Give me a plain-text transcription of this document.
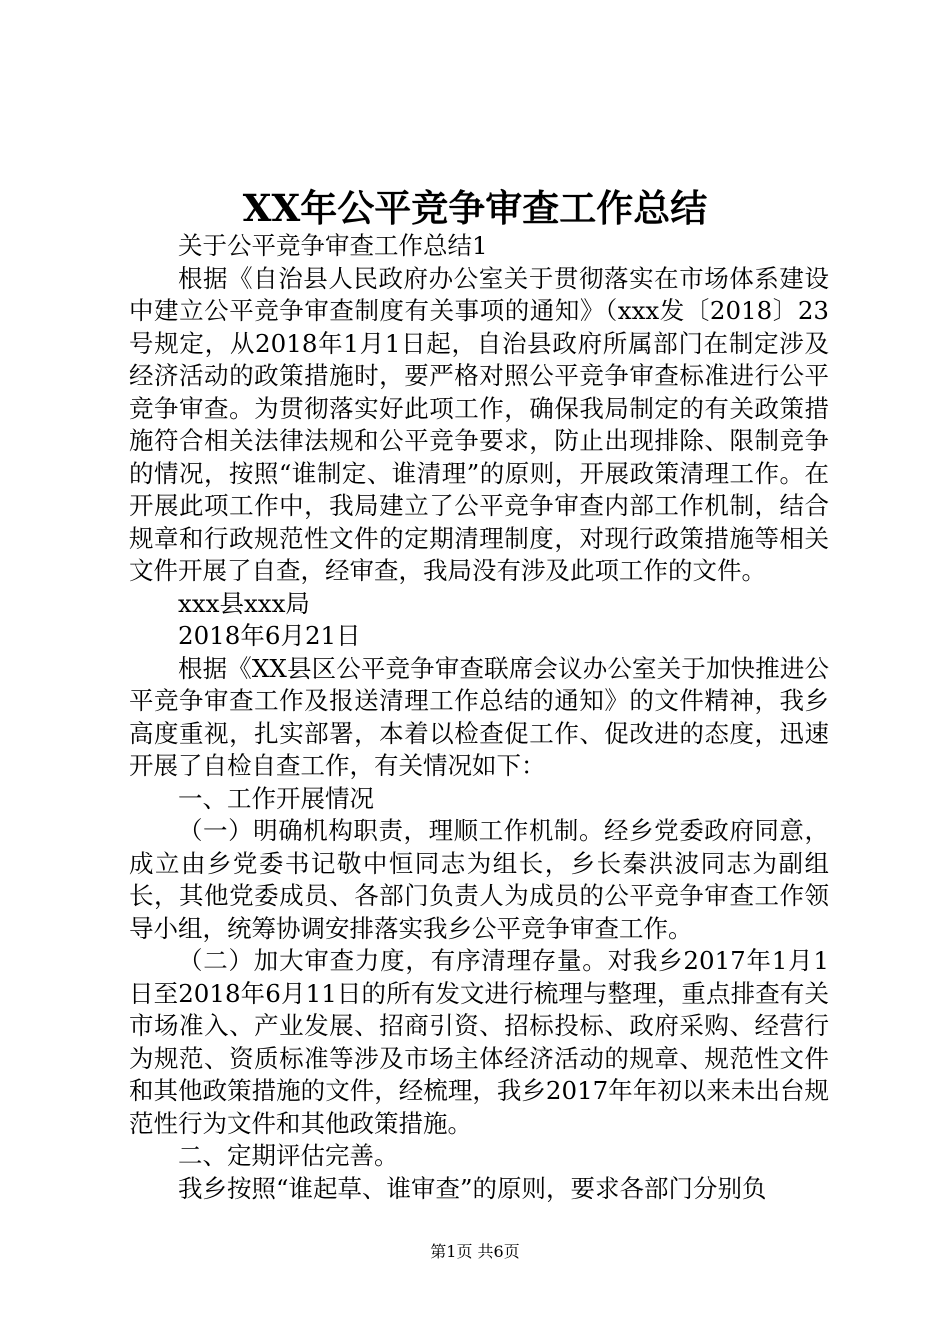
XX年公平竞争审查工作总结

关于公平竞争审查工作总结1

根据《自治县人民政府办公室关于贯彻落实在市场体系建设中建立公平竞争审查制度有关事项的通知》（xxx发〔2018〕23号规定，从2018年1月1日起，自治县政府所属部门在制定涉及经济活动的政策措施时，要严格对照公平竞争审查标准进行公平竞争审查。为贯彻落实好此项工作，确保我局制定的有关政策措施符合相关法律法规和公平竞争要求，防止出现排除、限制竞争的情况，按照“谁制定、谁清理”的原则，开展政策清理工作。在开展此项工作中，我局建立了公平竞争审查内部工作机制，结合规章和行政规范性文件的定期清理制度，对现行政策措施等相关文件开展了自查，经审查，我局没有涉及此项工作的文件。

xxx县xxx局

2018年6月21日

根据《XX县区公平竞争审查联席会议办公室关于加快推进公平竞争审查工作及报送清理工作总结的通知》的文件精神，我乡高度重视，扎实部署，本着以检查促工作、促改进的态度，迅速开展了自检自查工作，有关情况如下：

一、工作开展情况

（一）明确机构职责，理顺工作机制。经乡党委政府同意，成立由乡党委书记敬中恒同志为组长，乡长秦洪波同志为副组长，其他党委成员、各部门负责人为成员的公平竞争审查工作领导小组，统筹协调安排落实我乡公平竞争审查工作。

（二）加大审查力度，有序清理存量。对我乡2017年1月1日至2018年6月11日的所有发文进行梳理与整理，重点排查有关市场准入、产业发展、招商引资、招标投标、政府采购、经营行为规范、资质标准等涉及市场主体经济活动的规章、规范性文件和其他政策措施的文件，经梳理，我乡2017年年初以来未出台规范性行为文件和其他政策措施。

二、定期评估完善。

我乡按照“谁起草、谁审查”的原则，要求各部门分别负

第1页 共6页
